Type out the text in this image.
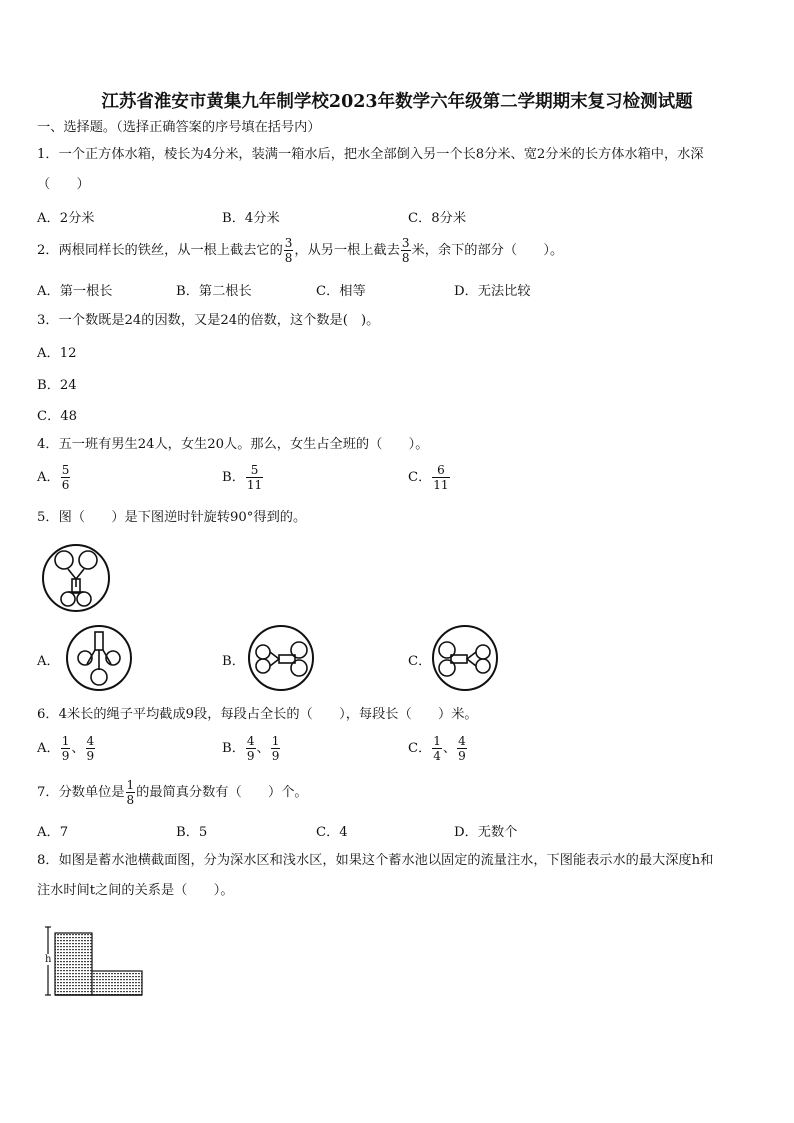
江苏省淮安市黄集九年制学校2023年数学六年级第二学期期末复习检测试题
一、选择题。（选择正确答案的序号填在括号内）
1．一个正方体水箱，棱长为4分米，装满一箱水后，把水全部倒入另一个长8分米、宽2分米的长方体水箱中，水深
（　　）
A．2分米	B．4分米	C．8分米
2．两根同样长的铁丝，从一根上截去它的 $\frac{3}{8}$ ，从另一根上截去 $\frac{3}{8}$ 米，余下的部分（　　）。
A．第一根长	B．第二根长	C．相等	D．无法比较
3．一个数既是24的因数，又是24的倍数，这个数是(　)。
A．12
B．24
C．48
4．五一班有男生24人，女生20人。那么，女生占全班的（　　）。
A． $\frac{5}{6}$	B． $\frac{5}{11}$	C． $\frac{6}{11}$
5．图（　　）是下图逆时针旋转90°得到的。
A．	B．	C．
6．4米长的绳子平均截成9段，每段占全长的（　　），每段长（　　）米。
A． $\frac{1}{9}$ 、 $\frac{4}{9}$	B． $\frac{4}{9}$ 、 $\frac{1}{9}$	C． $\frac{1}{4}$ 、 $\frac{4}{9}$
7．分数单位是 $\frac{1}{8}$ 的最简真分数有（　　）个。
A．7	B．5	C．4	D．无数个
8．如图是蓄水池横截面图，分为深水区和浅水区，如果这个蓄水池以固定的流量注水，下图能表示水的最大深度h和
注水时间t之间的关系是（　　）。
h
